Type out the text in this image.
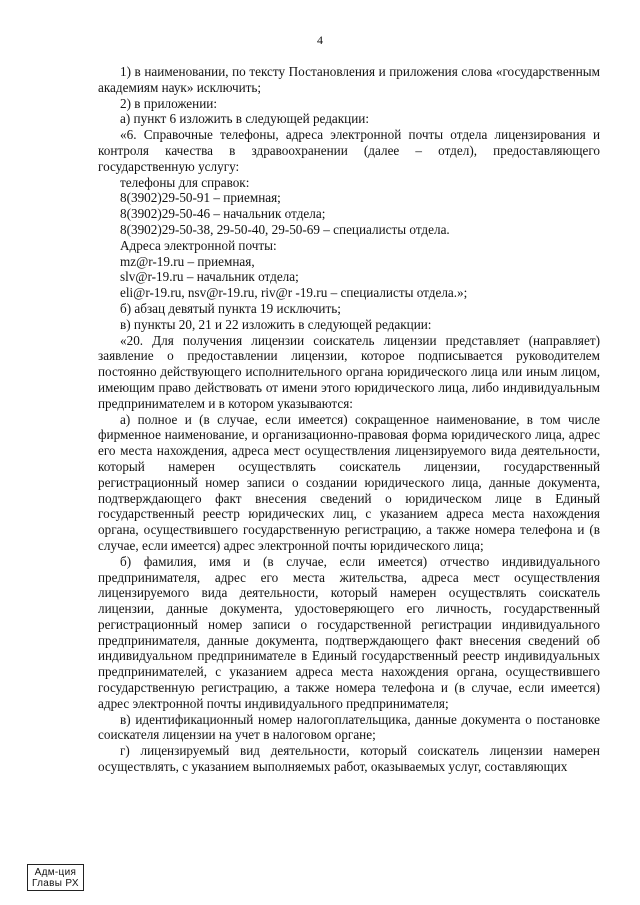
4

1) в наименовании, по тексту Постановления и приложения слова «государственным академиям наук» исключить;

2) в приложении:

а) пункт 6 изложить в следующей редакции:

«6. Справочные телефоны, адреса электронной почты отдела лицензирования и контроля качества в здравоохранении (далее – отдел), предоставляющего государственную услугу:

телефоны для справок:

8(3902)29-50-91 – приемная;

8(3902)29-50-46 – начальник отдела;

8(3902)29-50-38, 29-50-40, 29-50-69 – специалисты отдела.

Адреса электронной почты:

mz@r-19.ru – приемная,

slv@r-19.ru – начальник отдела;

eli@r-19.ru, nsv@r-19.ru, riv@r -19.ru – специалисты отдела.»;

б) абзац девятый пункта 19 исключить;

в) пункты 20, 21 и 22 изложить в следующей редакции:

«20. Для получения лицензии соискатель лицензии представляет (направляет) заявление о предоставлении лицензии, которое подписывается руководителем постоянно действующего исполнительного органа юридического лица или иным лицом, имеющим право действовать от имени этого юридического лица, либо индивидуальным предпринимателем и в котором указываются:

а) полное и (в случае, если имеется) сокращенное наименование, в том числе фирменное наименование, и организационно-правовая форма юридического лица, адрес его места нахождения, адреса мест осуществления лицензируемого вида деятельности, который намерен осуществлять соискатель лицензии, государственный регистрационный номер записи о создании юридического лица, данные документа, подтверждающего факт внесения сведений о юридическом лице в Единый государственный реестр юридических лиц, с указанием адреса места нахождения органа, осуществившего государственную регистрацию, а также номера телефона и (в случае, если имеется) адрес электронной почты юридического лица;

б) фамилия, имя и (в случае, если имеется) отчество индивидуального предпринимателя, адрес его места жительства, адреса мест осуществления лицензируемого вида деятельности, который намерен осуществлять соискатель лицензии, данные документа, удостоверяющего его личность, государственный регистрационный номер записи о государственной регистрации индивидуального предпринимателя, данные документа, подтверждающего факт внесения сведений об индивидуальном предпринимателе в Единый государственный реестр индивидуальных предпринимателей, с указанием адреса места нахождения органа, осуществившего государственную регистрацию, а также номера телефона и (в случае, если имеется) адрес электронной почты индивидуального предпринимателя;

в) идентификационный номер налогоплательщика, данные документа о постановке соискателя лицензии на учет в налоговом органе;

г) лицензируемый вид деятельности, который соискатель лицензии намерен осуществлять, с указанием выполняемых работ, оказываемых услуг, составляющих

Адм-ция
Главы РХ
